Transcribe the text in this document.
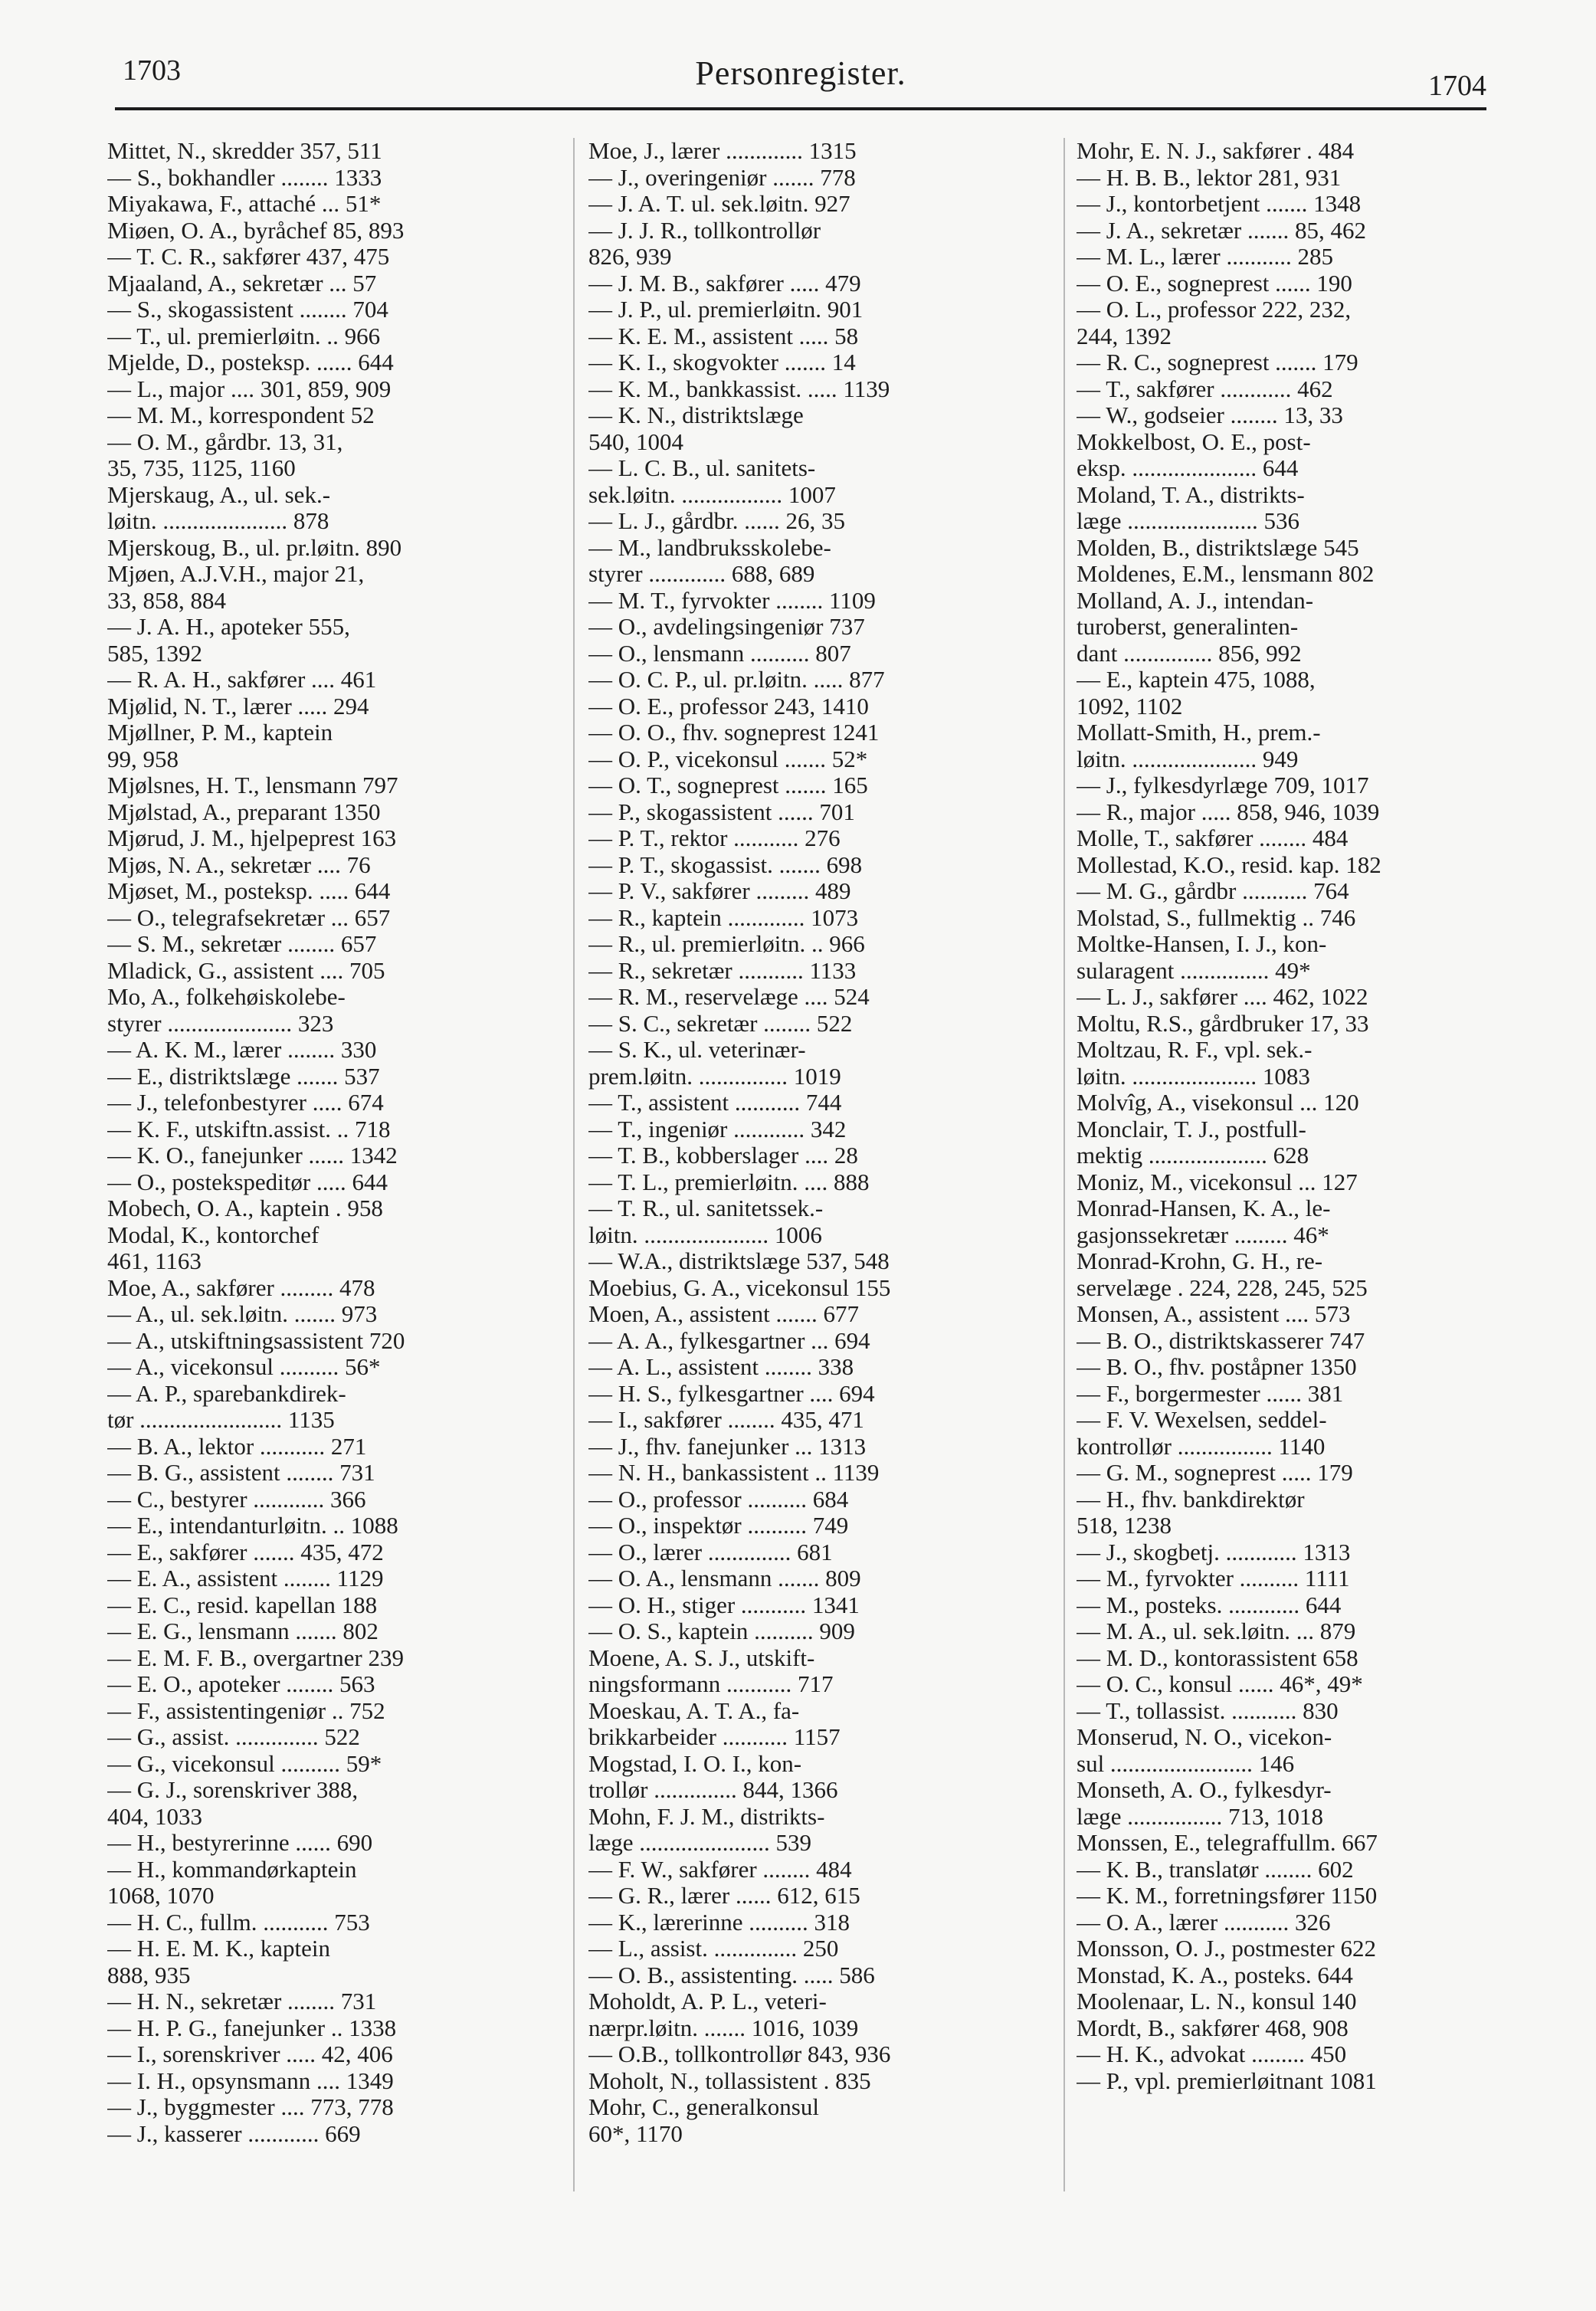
1703	Personregister.	1704
Mittet, N., skredder 357, 511
— S., bokhandler ........ 1333
Miyakawa, F., attaché ... 51*
Miøen, O. A., byråchef 85, 893
— T. C. R., sakfører 437, 475
Mjaaland, A., sekretær ... 57
— S., skogassistent ........ 704
— T., ul. premierløitn. .. 966
Mjelde, D., posteksp. ...... 644
— L., major .... 301, 859, 909
— M. M., korrespondent 52
— O. M., gårdbr. 13, 31,
35, 735, 1125, 1160
Mjerskaug, A., ul. sek.-
løitn. ..................... 878
Mjerskoug, B., ul. pr.løitn. 890
Mjøen, A.J.V.H., major 21,
33, 858, 884
— J. A. H., apoteker 555,
585, 1392
— R. A. H., sakfører .... 461
Mjølid, N. T., lærer ..... 294
Mjøllner, P. M., kaptein
99, 958
Mjølsnes, H. T., lensmann 797
Mjølstad, A., preparant 1350
Mjørud, J. M., hjelpeprest 163
Mjøs, N. A., sekretær .... 76
Mjøset, M., posteksp. ..... 644
— O., telegrafsekretær ... 657
— S. M., sekretær ........ 657
Mladick, G., assistent .... 705
Mo, A., folkehøiskolebe-
styrer ..................... 323
— A. K. M., lærer ........ 330
— E., distriktslæge ....... 537
— J., telefonbestyrer ..... 674
— K. F., utskiftn.assist. .. 718
— K. O., fanejunker ...... 1342
— O., postekspeditør ..... 644
Mobech, O. A., kaptein . 958
Modal, K., kontorchef
461, 1163
Moe, A., sakfører ......... 478
— A., ul. sek.løitn. ....... 973
— A., utskiftningsassistent 720
— A., vicekonsul .......... 56*
— A. P., sparebankdirek-
tør ........................ 1135
— B. A., lektor ........... 271
— B. G., assistent ........ 731
— C., bestyrer ............ 366
— E., intendanturløitn. .. 1088
— E., sakfører ....... 435, 472
— E. A., assistent ........ 1129
— E. C., resid. kapellan 188
— E. G., lensmann ....... 802
— E. M. F. B., overgartner 239
— E. O., apoteker ........ 563
— F., assistentingeniør .. 752
— G., assist. .............. 522
— G., vicekonsul .......... 59*
— G. J., sorenskriver 388,
404, 1033
— H., bestyrerinne ...... 690
— H., kommandørkaptein
1068, 1070
— H. C., fullm. ........... 753
— H. E. M. K., kaptein
888, 935
— H. N., sekretær ........ 731
— H. P. G., fanejunker .. 1338
— I., sorenskriver ..... 42, 406
— I. H., opsynsmann .... 1349
— J., byggmester .... 773, 778
— J., kasserer ............ 669
Moe, J., lærer ............. 1315
— J., overingeniør ....... 778
— J. A. T. ul. sek.løitn. 927
— J. J. R., tollkontrollør
826, 939
— J. M. B., sakfører ..... 479
— J. P., ul. premierløitn. 901
— K. E. M., assistent ..... 58
— K. I., skogvokter ....... 14
— K. M., bankkassist. ..... 1139
— K. N., distriktslæge
540, 1004
— L. C. B., ul. sanitets-
sek.løitn. ................. 1007
— L. J., gårdbr. ...... 26, 35
— M., landbruksskolebe-
styrer ............. 688, 689
— M. T., fyrvokter ........ 1109
— O., avdelingsingeniør 737
— O., lensmann .......... 807
— O. C. P., ul. pr.løitn. ..... 877
— O. E., professor 243, 1410
— O. O., fhv. sogneprest 1241
— O. P., vicekonsul ....... 52*
— O. T., sogneprest ....... 165
— P., skogassistent ...... 701
— P. T., rektor ........... 276
— P. T., skogassist. ....... 698
— P. V., sakfører ......... 489
— R., kaptein ............. 1073
— R., ul. premierløitn. .. 966
— R., sekretær ........... 1133
— R. M., reservelæge .... 524
— S. C., sekretær ........ 522
— S. K., ul. veterinær-
prem.løitn. ............... 1019
— T., assistent ........... 744
— T., ingeniør ............ 342
— T. B., kobberslager .... 28
— T. L., premierløitn. .... 888
— T. R., ul. sanitetssek.-
løitn. ..................... 1006
— W.A., distriktslæge 537, 548
Moebius, G. A., vicekonsul 155
Moen, A., assistent ....... 677
— A. A., fylkesgartner ... 694
— A. L., assistent ........ 338
— H. S., fylkesgartner .... 694
— I., sakfører ........ 435, 471
— J., fhv. fanejunker ... 1313
— N. H., bankassistent .. 1139
— O., professor .......... 684
— O., inspektør .......... 749
— O., lærer .............. 681
— O. A., lensmann ....... 809
— O. H., stiger ........... 1341
— O. S., kaptein .......... 909
Moene, A. S. J., utskift-
ningsformann ........... 717
Moeskau, A. T. A., fa-
brikkarbeider ........... 1157
Mogstad, I. O. I., kon-
trollør .............. 844, 1366
Mohn, F. J. M., distrikts-
læge ...................... 539
— F. W., sakfører ........ 484
— G. R., lærer ...... 612, 615
— K., lærerinne .......... 318
— L., assist. .............. 250
— O. B., assistenting. ..... 586
Moholdt, A. P. L., veteri-
nærpr.løitn. ....... 1016, 1039
— O.B., tollkontrollør 843, 936
Moholt, N., tollassistent . 835
Mohr, C., generalkonsul
60*, 1170
Mohr, E. N. J., sakfører . 484
— H. B. B., lektor 281, 931
— J., kontorbetjent ....... 1348
— J. A., sekretær ....... 85, 462
— M. L., lærer ........... 285
— O. E., sogneprest ...... 190
— O. L., professor 222, 232,
244, 1392
— R. C., sogneprest ....... 179
— T., sakfører ............ 462
— W., godseier ........ 13, 33
Mokkelbost, O. E., post-
eksp. ..................... 644
Moland, T. A., distrikts-
læge ...................... 536
Molden, B., distriktslæge 545
Moldenes, E.M., lensmann 802
Molland, A. J., intendan-
turoberst, generalinten-
dant ............... 856, 992
— E., kaptein 475, 1088,
1092, 1102
Mollatt-Smith, H., prem.-
løitn. ..................... 949
— J., fylkesdyrlæge 709, 1017
— R., major ..... 858, 946, 1039
Molle, T., sakfører ........ 484
Mollestad, K.O., resid. kap. 182
— M. G., gårdbr ........... 764
Molstad, S., fullmektig .. 746
Moltke-Hansen, I. J., kon-
sularagent ............... 49*
— L. J., sakfører .... 462, 1022
Moltu, R.S., gårdbruker 17, 33
Moltzau, R. F., vpl. sek.-
løitn. ..................... 1083
Molvîg, A., visekonsul ... 120
Monclair, T. J., postfull-
mektig .................... 628
Moniz, M., vicekonsul ... 127
Monrad-Hansen, K. A., le-
gasjonssekretær ......... 46*
Monrad-Krohn, G. H., re-
servelæge . 224, 228, 245, 525
Monsen, A., assistent .... 573
— B. O., distriktskasserer 747
— B. O., fhv. poståpner 1350
— F., borgermester ...... 381
— F. V. Wexelsen, seddel-
kontrollør ................ 1140
— G. M., sogneprest ..... 179
— H., fhv. bankdirektør
518, 1238
— J., skogbetj. ............ 1313
— M., fyrvokter .......... 1111
— M., posteks. ............ 644
— M. A., ul. sek.løitn. ... 879
— M. D., kontorassistent 658
— O. C., konsul ...... 46*, 49*
— T., tollassist. ........... 830
Monserud, N. O., vicekon-
sul ........................ 146
Monseth, A. O., fylkesdyr-
læge ................ 713, 1018
Monssen, E., telegraffullm. 667
— K. B., translatør ........ 602
— K. M., forretningsfører 1150
— O. A., lærer ........... 326
Monsson, O. J., postmester 622
Monstad, K. A., posteks. 644
Moolenaar, L. N., konsul 140
Mordt, B., sakfører 468, 908
— H. K., advokat ......... 450
— P., vpl. premierløitnant 1081
